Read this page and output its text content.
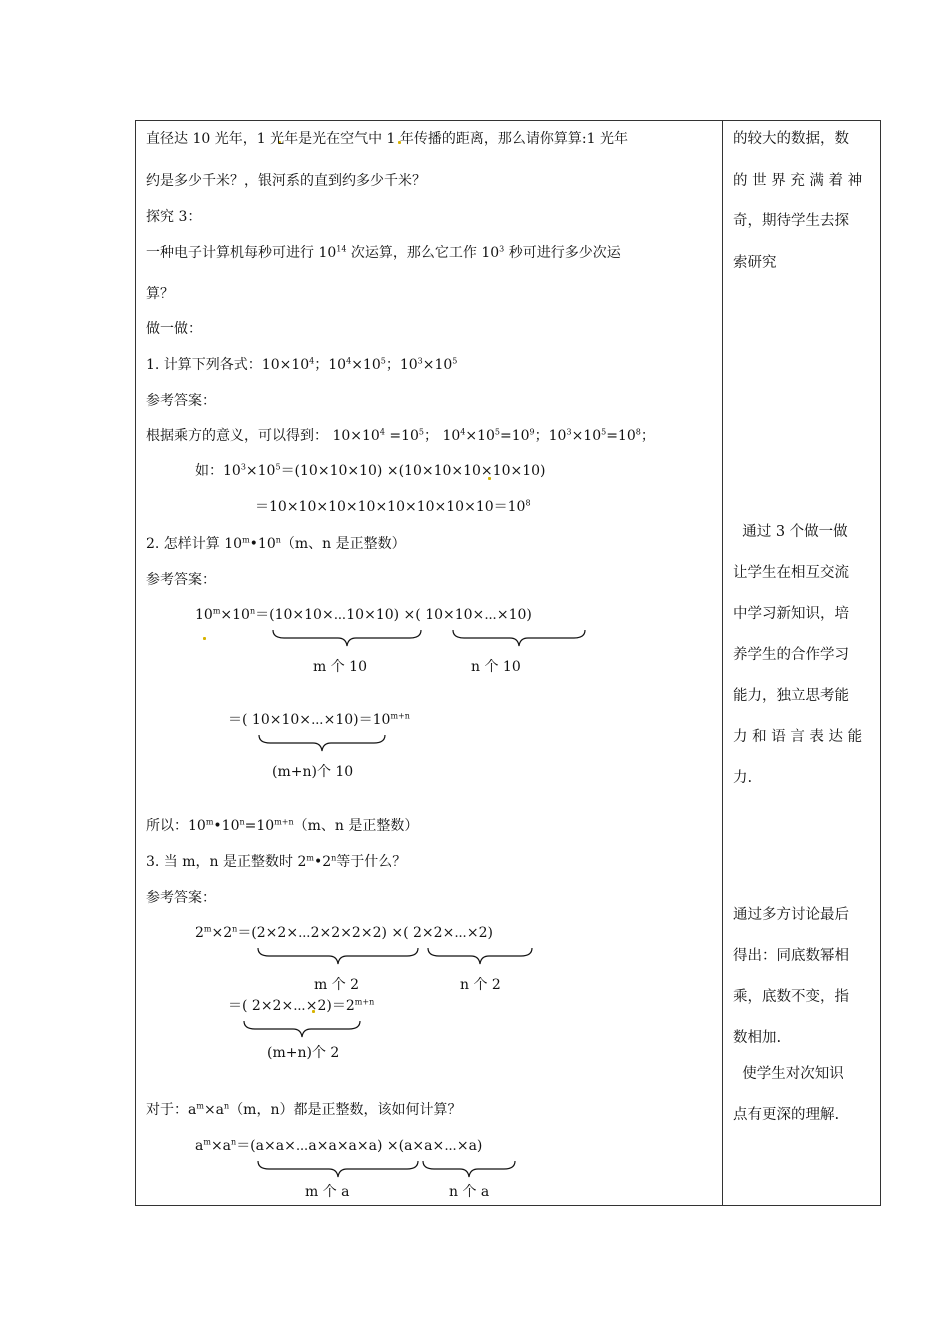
直径达 10 光年，1 光年是光在空气中 1 年传播的距离，那么请你算算:1 光年
约是多少千米？，银河系的直到约多少千米？
探究 3：
一种电子计算机每秒可进行 $10^{14}$ 次运算，那么它工作 $10^3$ 秒可进行多少次运
算？
做一做：
1. 计算下列各式：$10\times 10^4$；$10^4\times 10^5$；$10^3\times 10^5$
参考答案：
根据乘方的意义，可以得到： $10\times 10^4 =10^5$； $10^4\times 10^5=10^9$；$10^3\times 10^5=10^8$；
如：$10^3\times 10^5=(10\times 10\times 10) \times(10\times 10\times 10\times 10\times 10)$
$=10\times 10\times 10\times 10\times 10\times 10\times 10\times 10=10^8$
2. 怎样计算 10$^m$•10$^n$（m、n 是正整数）
参考答案：
$10^m\times 10^n=(10\times 10\times\cdots 10\times 10)$ ×( 10×10×⋯×10)
m 个 10	n 个 10
＝( $10\times 10\times\cdots\times 10)=10^{m+n}$
(m+n)个 10
所以：$10^m•10^n=10^{m+n}(m$、n 是正整数）
3. 当 m，n 是正整数时 2$^m$•2$^n$等于什么？
参考答案：
$2^m\times 2^n=(2\times 2\times\cdots 2\times 2\times 2\times 2)$ ×( 2×2×⋯×2)
m 个 2	n 个 2
＝( $2\times 2\times\cdots\times 2)=2^{m+n}$
(m+n)个 2
对于：$a^m\times a^n(m$，n）都是正整数，该如何计算？
$a^m\times a^n=(a\times a\times\cdots a\times a\times a\times a)$ ×(a×a×⋯×a)
m 个 a	n 个 a
的较大的数据，数
的 世 界 充 满 着 神
奇，期待学生去探
索研究
通过 3 个做一做
让学生在相互交流
中学习新知识，培
养学生的合作学习
能力，独立思考能
力 和 语 言 表 达 能
力.
通过多方讨论最后
得出：同底数幂相
乘，底数不变，指
数相加.
使学生对次知识
点有更深的理解.
